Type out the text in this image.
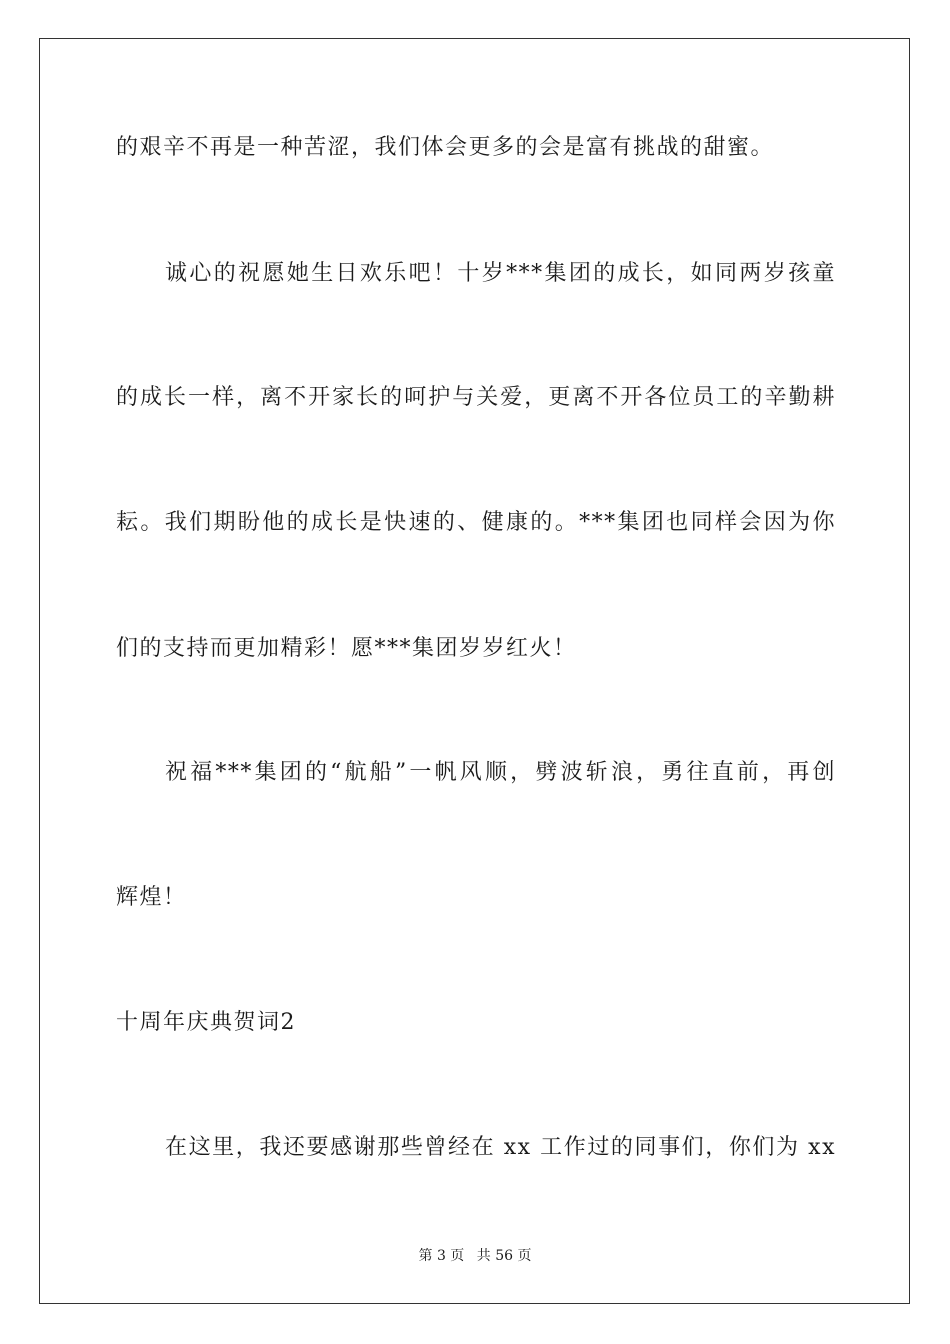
的艰辛不再是一种苦涩，我们体会更多的会是富有挑战的甜蜜。
诚心的祝愿她生日欢乐吧！十岁***集团的成长，如同两岁孩童
的成长一样，离不开家长的呵护与关爱，更离不开各位员工的辛勤耕
耘。我们期盼他的成长是快速的、健康的。***集团也同样会因为你
们的支持而更加精彩！愿***集团岁岁红火！
祝福***集团的“航船”一帆风顺，劈波斩浪，勇往直前，再创
辉煌！
十周年庆典贺词2
在这里，我还要感谢那些曾经在 xx 工作过的同事们，你们为 xx
第 3 页 共 56 页
